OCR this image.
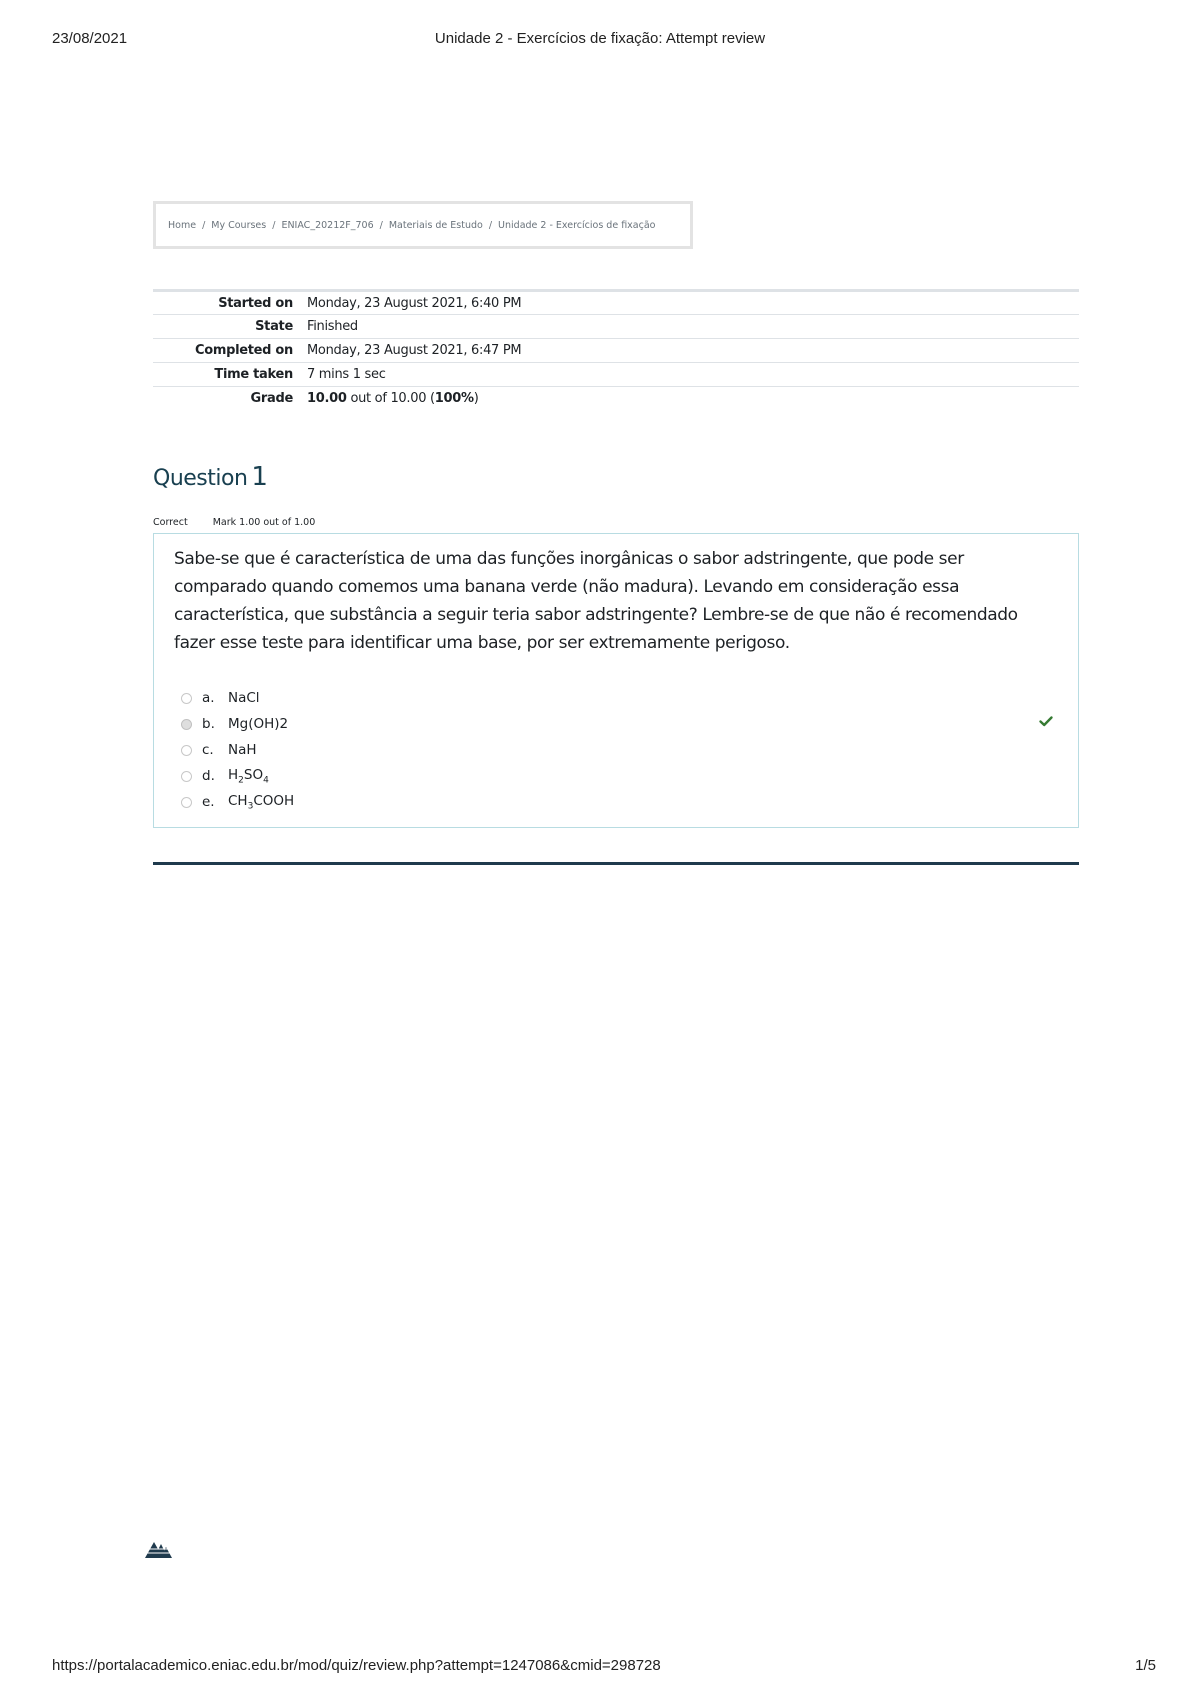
23/08/2021	Unidade 2 - Exercícios de fixação: Attempt review
Home / My Courses / ENIAC_20212F_706 / Materiais de Estudo / Unidade 2 - Exercícios de fixação
Started on	Monday, 23 August 2021, 6:40 PM
State	Finished
Completed on	Monday, 23 August 2021, 6:47 PM
Time taken	7 mins 1 sec
Grade	10.00 out of 10.00 (100%)
Question 1
Correct	Mark 1.00 out of 1.00
Sabe-se que é característica de uma das funções inorgânicas o sabor adstringente, que pode ser comparado quando comemos uma banana verde (não madura). Levando em consideração essa característica, que substância a seguir teria sabor adstringente? Lembre-se de que não é recomendado fazer esse teste para identificar uma base, por ser extremamente perigoso.
a. NaCl
b. Mg(OH)2
c.	NaH
d. $H_2SO_4$
e. $CH_3COOH$
https://portalacademico.eniac.edu.br/mod/quiz/review.php?attempt=1247086&cmid=298728	1/5
